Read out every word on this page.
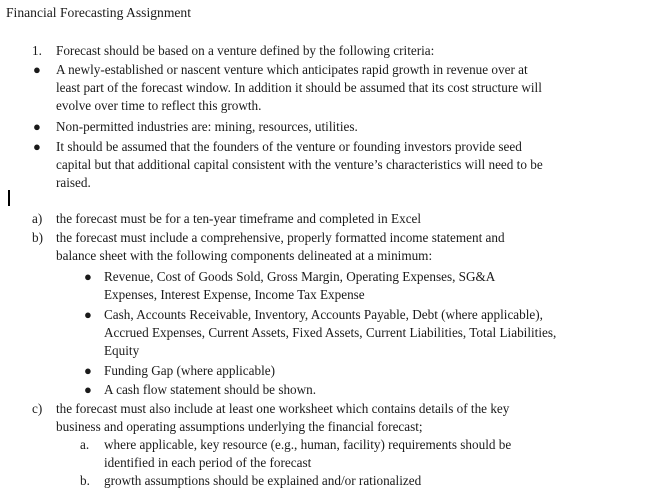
Financial Forecasting Assignment
1. Forecast should be based on a venture defined by the following criteria:
● A newly-established or nascent venture which anticipates rapid growth in revenue over at
least part of the forecast window. In addition it should be assumed that its cost structure will
evolve over time to reflect this growth.
● Non-permitted industries are: mining, resources, utilities.
● It should be assumed that the founders of the venture or founding investors provide seed
capital but that additional capital consistent with the venture’s characteristics will need to be
raised.
a) the forecast must be for a ten-year timeframe and completed in Excel
b) the forecast must include a comprehensive, properly formatted income statement and
balance sheet with the following components delineated at a minimum:
● Revenue, Cost of Goods Sold, Gross Margin, Operating Expenses, SG&A
Expenses, Interest Expense, Income Tax Expense
● Cash, Accounts Receivable, Inventory, Accounts Payable, Debt (where applicable),
Accrued Expenses, Current Assets, Fixed Assets, Current Liabilities, Total Liabilities,
Equity
● Funding Gap (where applicable)
● A cash flow statement should be shown.
c) the forecast must also include at least one worksheet which contains details of the key
business and operating assumptions underlying the financial forecast;
a. where applicable, key resource (e.g., human, facility) requirements should be
identified in each period of the forecast
b. growth assumptions should be explained and/or rationalized
